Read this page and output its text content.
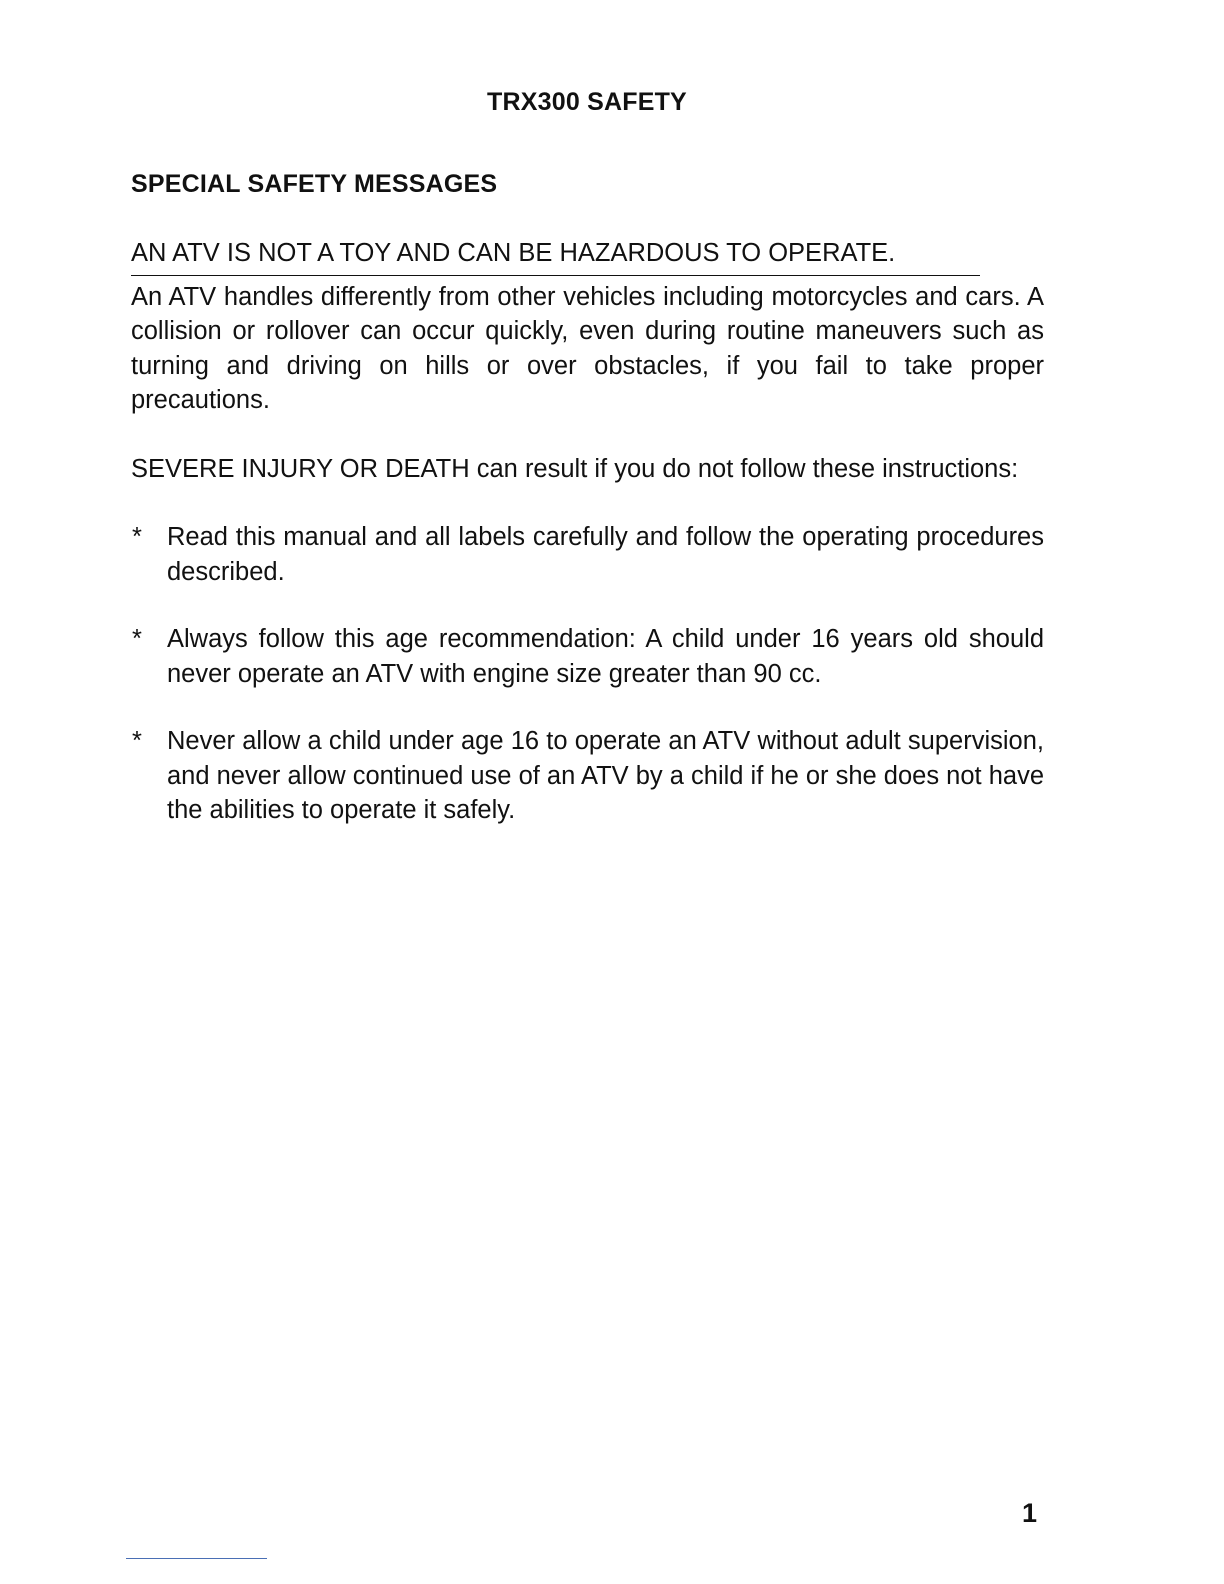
TRX300 SAFETY
SPECIAL SAFETY MESSAGES
AN ATV IS NOT A TOY AND CAN BE HAZARDOUS TO OPERATE.

An ATV handles differently from other vehicles including motorcycles and cars. A collision or rollover can occur quickly, even during routine maneuvers such as turning and driving on hills or over obstacles, if you fail to take proper precautions.

SEVERE INJURY OR DEATH can result if you do not follow these instructions:

* Read this manual and all labels carefully and follow the operating procedures described.
* Always follow this age recommendation: A child under 16 years old should never operate an ATV with engine size greater than 90 cc.
* Never allow a child under age 16 to operate an ATV without adult supervision, and never allow continued use of an ATV by a child if he or she does not have the abilities to operate it safely.
1
